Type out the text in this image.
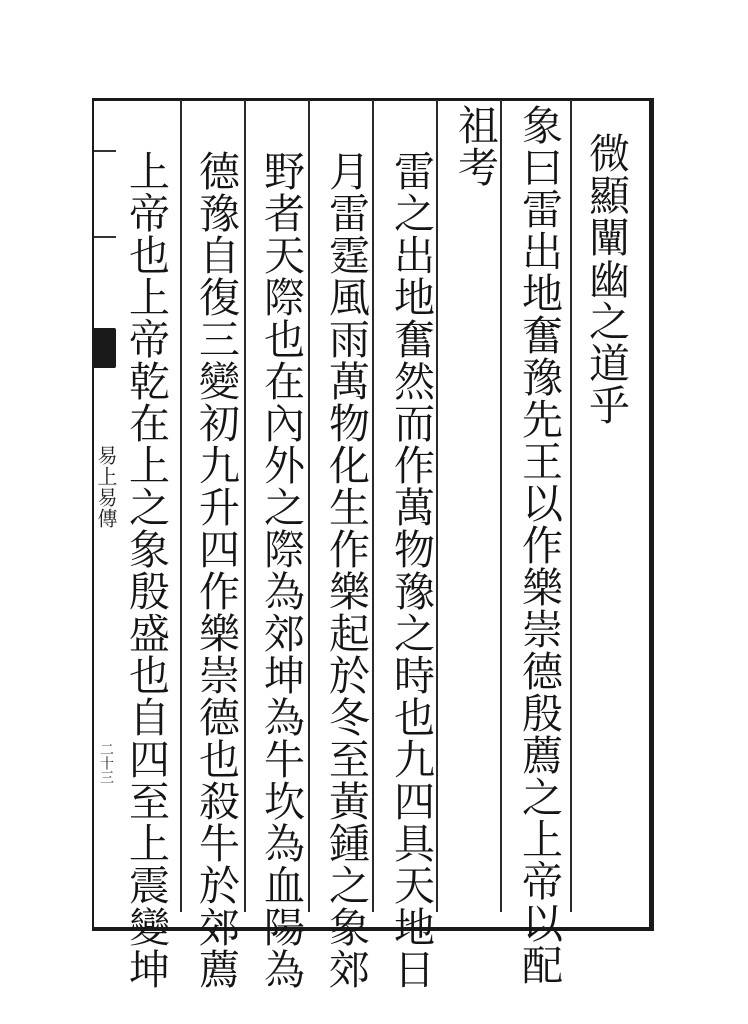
易上易傳
二十三
微顯闡幽之道乎
象曰雷出地奮豫先王以作樂崇德殷薦之上帝以配
祖考
雷之出地奮然而作萬物豫之時也九四具天地日
月雷霆風雨萬物化生作樂起於冬至黃鍾之象郊
野者天際也在內外之際為郊坤為牛坎為血陽為
德豫自復三變初九升四作樂崇德也殺牛於郊薦
上帝也上帝乾在上之象殷盛也自四至上震變坤
